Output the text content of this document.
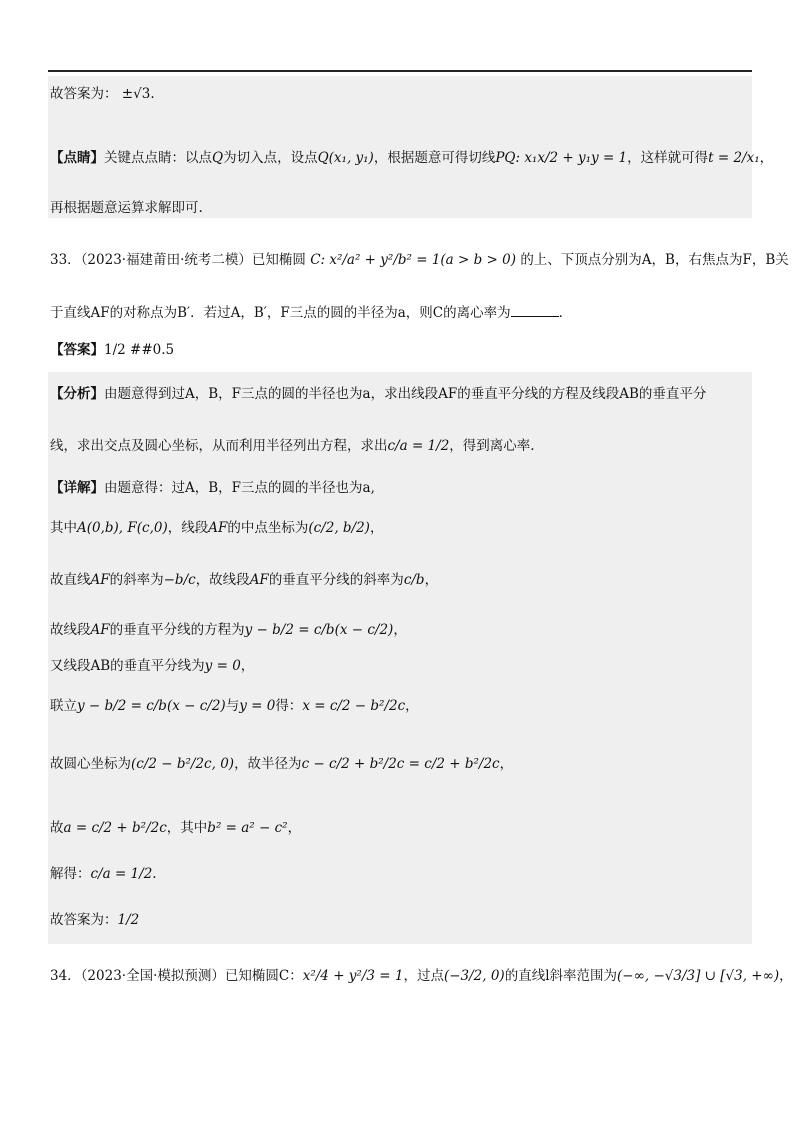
故答案为： ±√3.
【点睛】关键点点睛：以点Q为切入点，设点Q(x₁, y₁)，根据题意可得切线PQ: x₁x/2 + y₁y = 1，这样就可得t = 2/x₁，
再根据题意运算求解即可.
33．（2023·福建莆田·统考二模）已知椭圆 C: x²/a² + y²/b² = 1(a > b > 0) 的上、下顶点分别为A，B，右焦点为F，B关
于直线AF的对称点为B′．若过A，B′，F三点的圆的半径为a，则C的离心率为	．
【答案】1/2 ##0.5
【分析】由题意得到过A，B，F三点的圆的半径也为a，求出线段AF的垂直平分线的方程及线段AB的垂直平分
线，求出交点及圆心坐标，从而利用半径列出方程，求出c/a = 1/2，得到离心率.
【详解】由题意得：过A，B，F三点的圆的半径也为a,
其中A(0,b), F(c,0)，线段AF的中点坐标为(c/2, b/2)，
故直线AF的斜率为−b/c，故线段AF的垂直平分线的斜率为c/b，
故线段AF的垂直平分线的方程为y − b/2 = c/b(x − c/2)，
又线段AB的垂直平分线为y = 0，
联立y − b/2 = c/b(x − c/2)与y = 0得：x = c/2 − b²/2c，
故圆心坐标为(c/2 − b²/2c, 0)，故半径为c − c/2 + b²/2c = c/2 + b²/2c，
故a = c/2 + b²/2c，其中b² = a² − c²，
解得：c/a = 1/2.
故答案为：1/2
34．（2023·全国·模拟预测）已知椭圆C：x²/4 + y²/3 = 1，过点(−3/2, 0)的直线l斜率范围为(−∞, −√3/3] ∪ [√3, +∞)，
